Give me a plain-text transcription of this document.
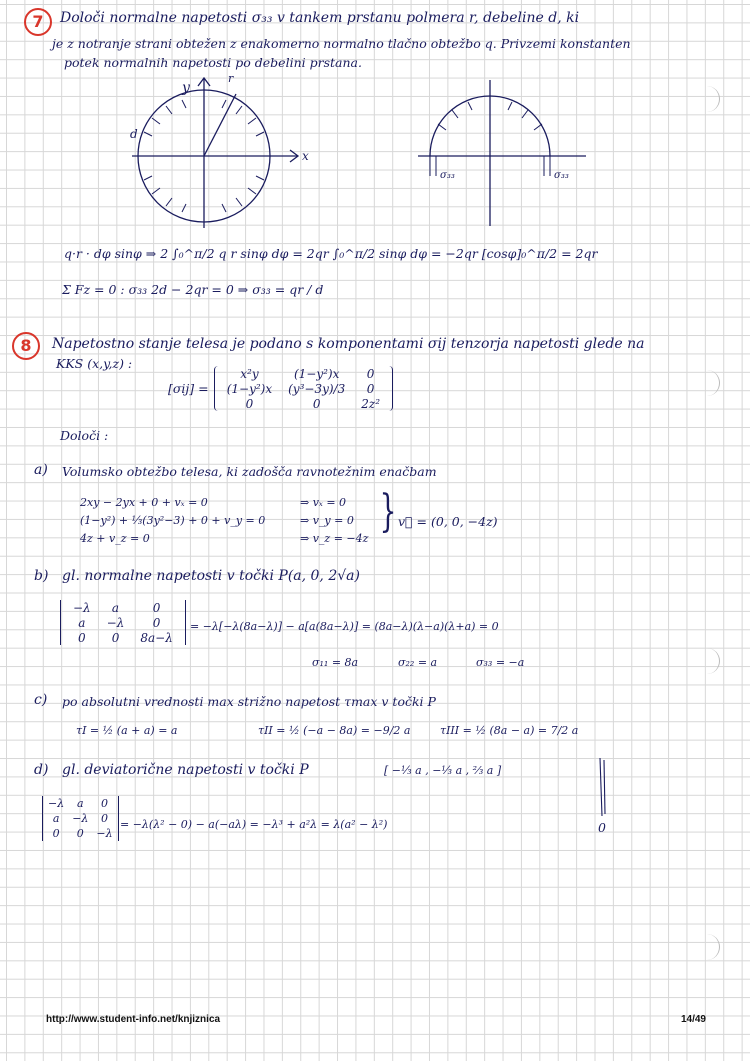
7	Določi normalne napetosti σ₃₃ v tankem prstanu polmera r, debeline d, ki
je z notranje strani obtežen z enakomerno normalno tlačno obtežbo q. Privzemi konstanten
potek normalnih napetosti po debelini prstana.
y
x
r
d
σ₃₃	σ₃₃
q·r · dφ sinφ ⇒ 2 ∫₀^π/2 q r sinφ dφ = 2qr ∫₀^π/2 sinφ dφ = −2qr [cosφ]₀^π/2 = 2qr
Σ Fz = 0 : σ₃₃ 2d − 2qr = 0 ⇒ σ₃₃ = qr / d
8	Napetostno stanje telesa je podano s komponentami σij tenzorja napetosti glede na
KKS (x,y,z) :
[σij] =
x²y	(1−y²)x	0
(1−y²)x	(y³−3y)/3	0
0	0	2z²
Določi :
a) Volumsko obtežbo telesa, ki zadošča ravnotežnim enačbam
2xy − 2yx + 0 + vₓ = 0
(1−y²) + ⅓(3y²−3) + 0 + v_y = 0
4z + v_z = 0
⇒ vₓ = 0
⇒ v_y = 0
⇒ v_z = −4z
} v⃗ = (0, 0, −4z)
b) gl. normalne napetosti v točki P(a, 0, 2√a)
−λ	a	0
a	−λ	0
0	0	8a−λ
= −λ[−λ(8a−λ)] − a[a(8a−λ)] = (8a−λ)(λ−a)(λ+a) = 0
σ₁₁ = 8a	σ₂₂ = a	σ₃₃ = −a
c) po absolutni vrednosti max strižno napetost τmax v točki P
τI = ½ (a + a) = a	τII = ½ (−a − 8a) = −9/2 a	τIII = ½ (8a − a) = 7/2 a
d) gl. deviatorične napetosti v točki P	[ −⅓ a , −⅓ a , ⅔ a ]
−λ	a	0
a	−λ	0
0	0	−λ
= −λ(λ² − 0) − a(−aλ) = −λ³ + a²λ = λ(a² − λ²)	0
http://www.student-info.net/knjiznica	14/49
